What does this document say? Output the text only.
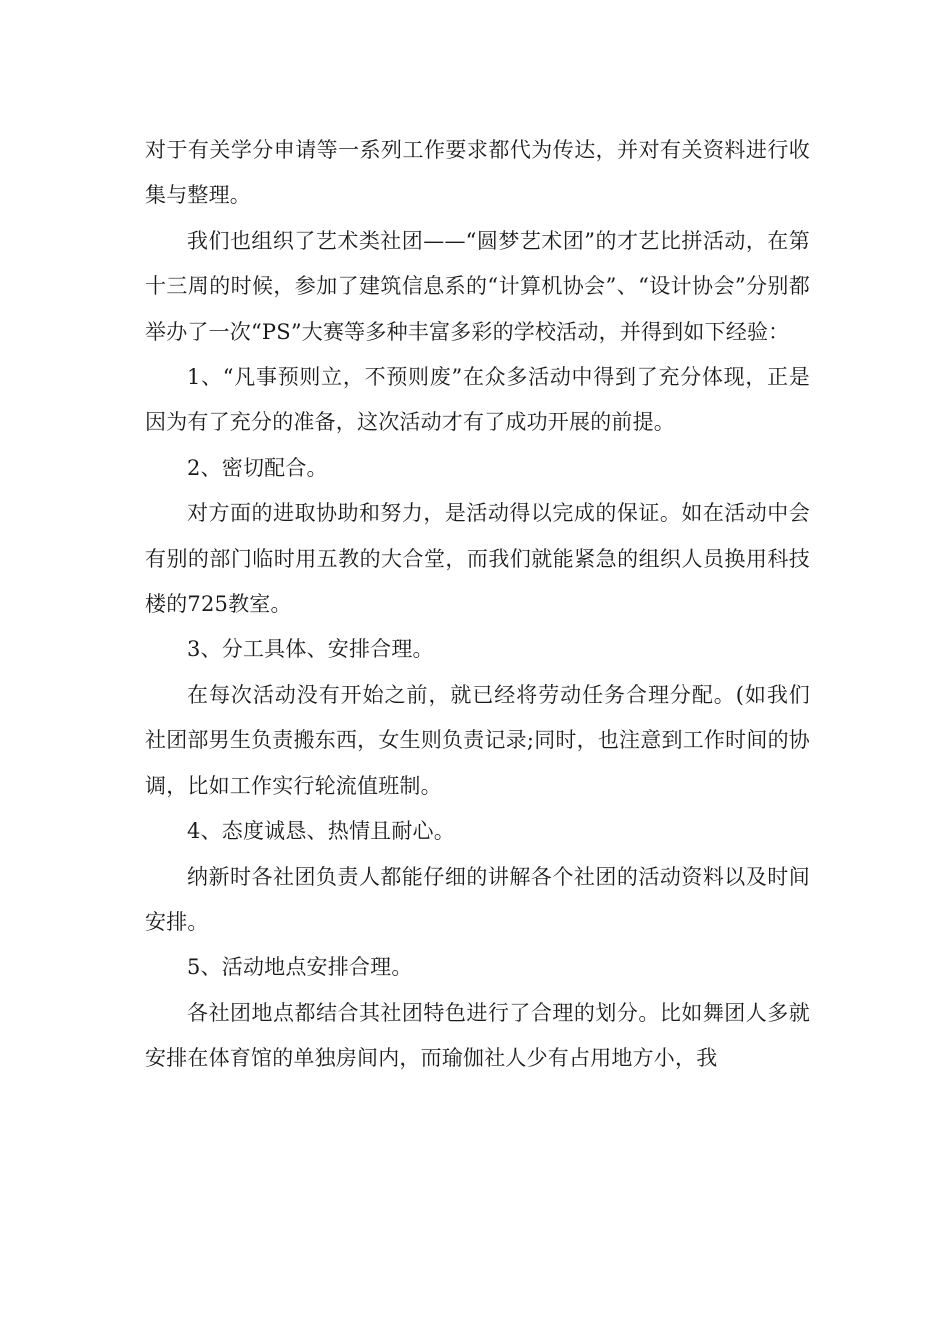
对于有关学分申请等一系列工作要求都代为传达，并对有关资料进行收集与整理。

我们也组织了艺术类社团——“圆梦艺术团”的才艺比拼活动，在第十三周的时候，参加了建筑信息系的“计算机协会”、“设计协会”分别都举办了一次“PS”大赛等多种丰富多彩的学校活动，并得到如下经验：

1、“凡事预则立，不预则废”在众多活动中得到了充分体现，正是因为有了充分的准备，这次活动才有了成功开展的前提。

2、密切配合。

对方面的进取协助和努力，是活动得以完成的保证。如在活动中会有别的部门临时用五教的大合堂，而我们就能紧急的组织人员换用科技楼的725教室。

3、分工具体、安排合理。

在每次活动没有开始之前，就已经将劳动任务合理分配。(如我们社团部男生负责搬东西，女生则负责记录;同时，也注意到工作时间的协调，比如工作实行轮流值班制。

4、态度诚恳、热情且耐心。

纳新时各社团负责人都能仔细的讲解各个社团的活动资料以及时间安排。

5、活动地点安排合理。

各社团地点都结合其社团特色进行了合理的划分。比如舞团人多就安排在体育馆的单独房间内，而瑜伽社人少有占用地方小，我
